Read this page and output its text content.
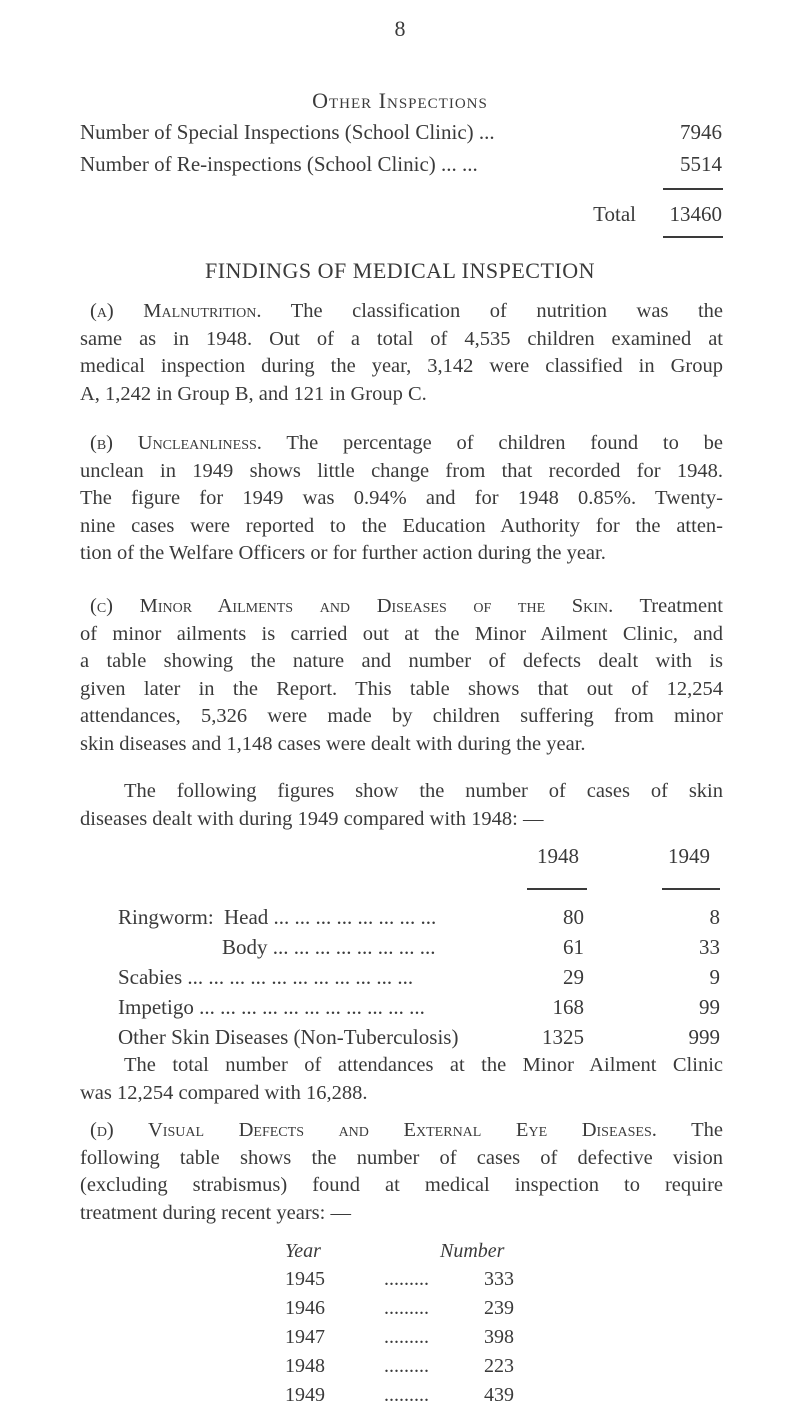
8
Other Inspections
Number of Special Inspections (School Clinic) ...	7946
Number of Re-inspections (School Clinic) ... ...	5514
Total	13460
FINDINGS OF MEDICAL INSPECTION

(a) Malnutrition. The classification of nutrition was the

same as in 1948. Out of a total of 4,535 children examined at

medical inspection during the year, 3,142 were classified in Group

A, 1,242 in Group B, and 121 in Group C.

(b) Uncleanliness. The percentage of children found to be

unclean in 1949 shows little change from that recorded for 1948.

The figure for 1949 was 0.94% and for 1948 0.85%. Twenty-

nine cases were reported to the Education Authority for the atten-

tion of the Welfare Officers or for further action during the year.

(c) Minor Ailments and Diseases of the Skin. Treatment

of minor ailments is carried out at the Minor Ailment Clinic, and

a table showing the nature and number of defects dealt with is

given later in the Report. This table shows that out of 12,254

attendances, 5,326 were made by children suffering from minor

skin diseases and 1,148 cases were dealt with during the year.

The following figures show the number of cases of skin

diseases dealt with during 1949 compared with 1948: —

1948	1949
Ringworm: Head ... ... ... ... ... ... ... ...	80	8
Body ... ... ... ... ... ... ... ...	61	33
Scabies ... ... ... ... ... ... ... ... ... ... ...	29	9
Impetigo ... ... ... ... ... ... ... ... ... ... ...	168	99
Other Skin Diseases (Non-Tuberculosis)	1325	999

The total number of attendances at the Minor Ailment Clinic

was 12,254 compared with 16,288.

(d) Visual Defects and External Eye Diseases. The

following table shows the number of cases of defective vision

(excluding strabismus) found at medical inspection to require

treatment during recent years: —

Year	Number
1945	.........	333
1946	.........	239
1947	.........	398
1948	.........	223
1949	.........	439
